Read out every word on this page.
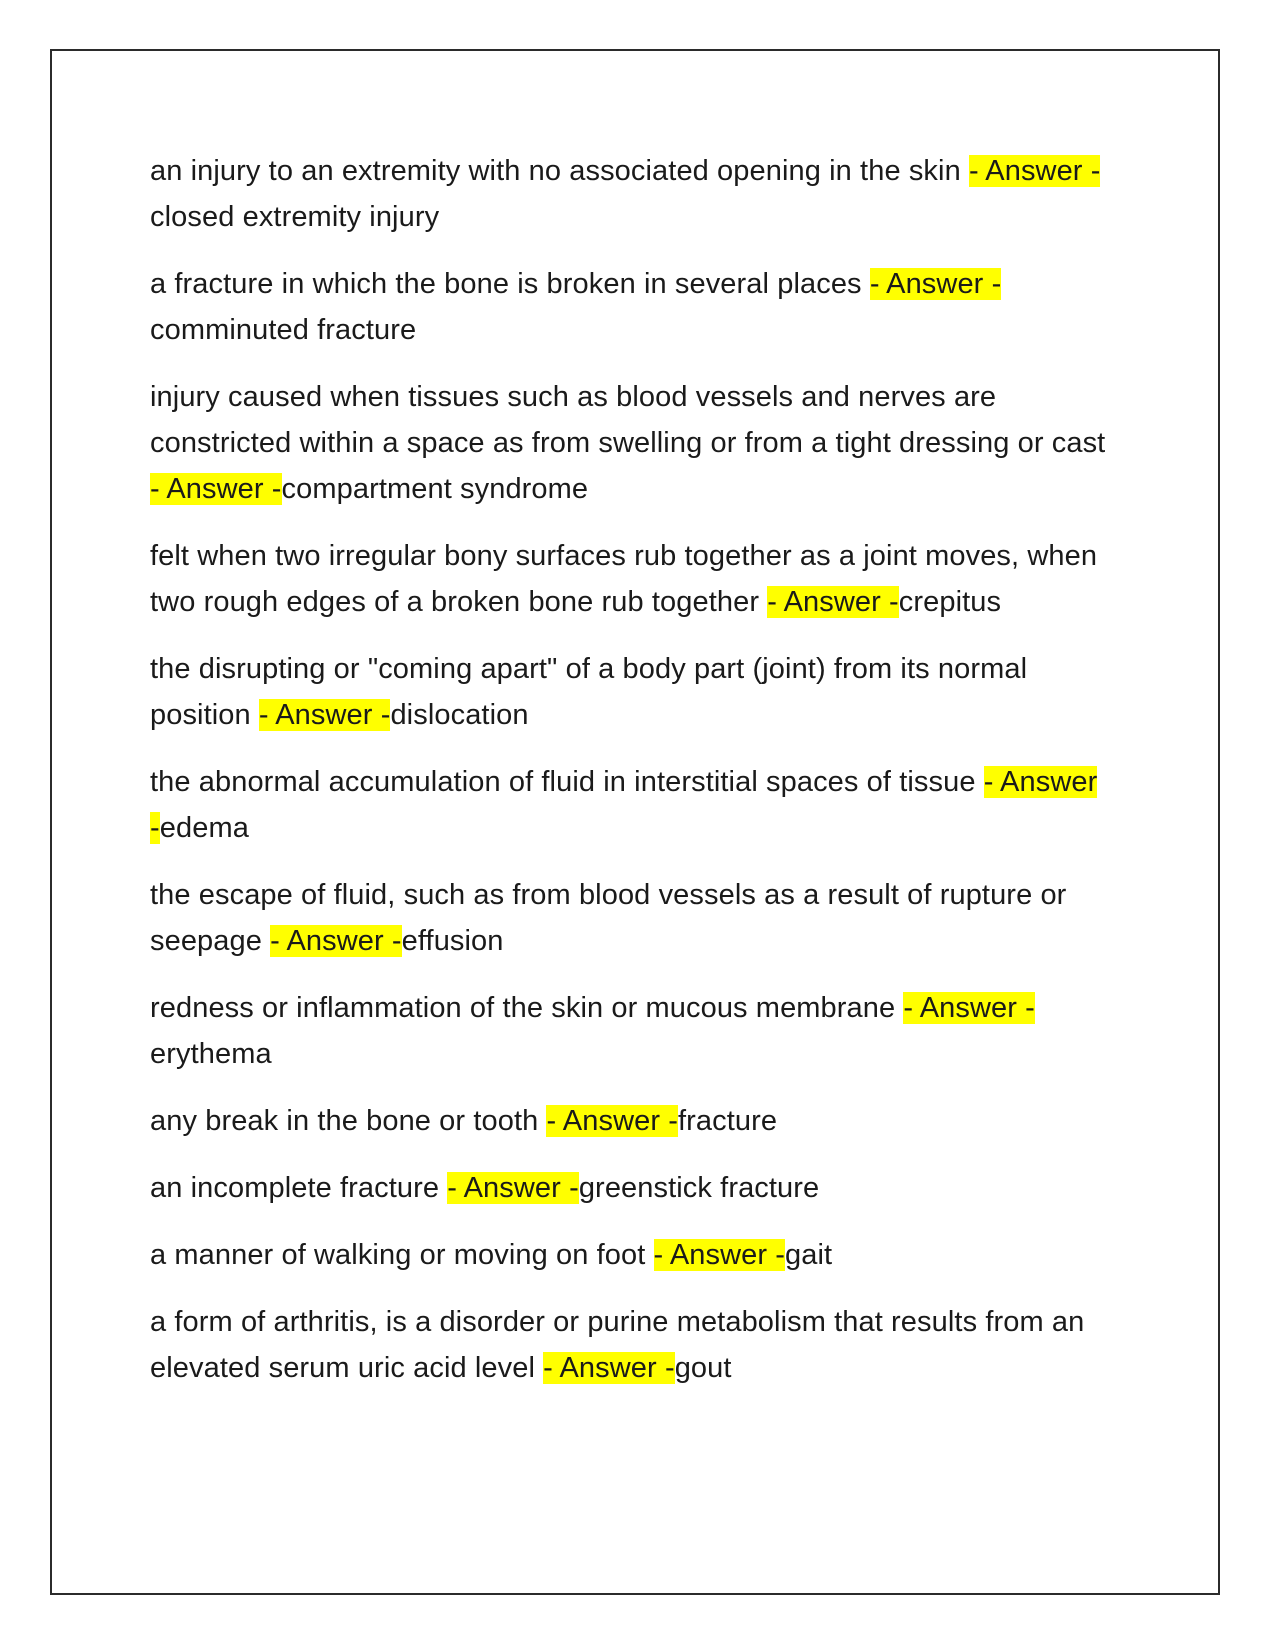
an injury to an extremity with no associated opening in the skin - Answer -closed extremity injury

a fracture in which the bone is broken in several places - Answer -comminuted fracture

injury caused when tissues such as blood vessels and nerves are constricted within a space as from swelling or from a tight dressing or cast - Answer -compartment syndrome

felt when two irregular bony surfaces rub together as a joint moves, when two rough edges of a broken bone rub together - Answer -crepitus

the disrupting or "coming apart" of a body part (joint) from its normal position - Answer -dislocation

the abnormal accumulation of fluid in interstitial spaces of tissue - Answer -edema

the escape of fluid, such as from blood vessels as a result of rupture or seepage - Answer -effusion

redness or inflammation of the skin or mucous membrane - Answer -erythema

any break in the bone or tooth - Answer -fracture

an incomplete fracture - Answer -greenstick fracture

a manner of walking or moving on foot - Answer -gait

a form of arthritis, is a disorder or purine metabolism that results from an elevated serum uric acid level - Answer -gout
